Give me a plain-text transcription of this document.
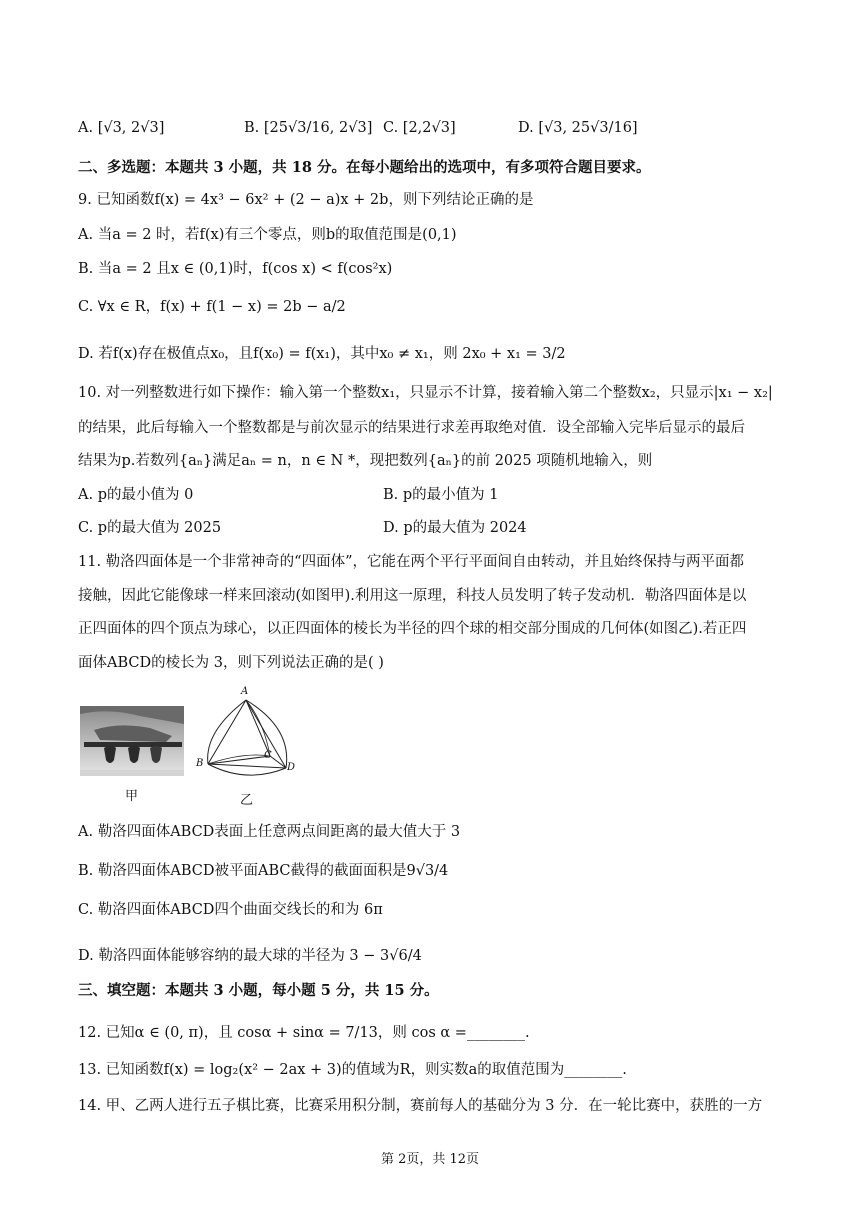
A. [√3, 2√3]	B. [25√3/16, 2√3] C. [2,2√3]	D. [√3, 25√3/16]
二、多选题：本题共 3 小题，共 18 分。在每小题给出的选项中，有多项符合题目要求。
9. 已知函数f(x) = 4x³ − 6x² + (2 − a)x + 2b，则下列结论正确的是
A. 当a = 2 时，若f(x)有三个零点，则b的取值范围是(0,1)
B. 当a = 2 且x ∈ (0,1)时，f(cos x) < f(cos²x)
C. ∀x ∈ R，f(x) + f(1 − x) = 2b − a/2
D. 若f(x)存在极值点x₀，且f(x₀) = f(x₁)，其中x₀ ≠ x₁，则 2x₀ + x₁ = 3/2
10. 对一列整数进行如下操作：输入第一个整数x₁，只显示不计算，接着输入第二个整数x₂，只显示|x₁ − x₂|
的结果，此后每输入一个整数都是与前次显示的结果进行求差再取绝对值．设全部输入完毕后显示的最后
结果为p.若数列{aₙ}满足aₙ = n，n ∈ N *，现把数列{aₙ}的前 2025 项随机地输入，则
A. p的最小值为 0	B. p的最小值为 1
C. p的最大值为 2025	D. p的最大值为 2024
11. 勒洛四面体是一个非常神奇的“四面体”，它能在两个平行平面间自由转动，并且始终保持与两平面都
接触，因此它能像球一样来回滚动(如图甲).利用这一原理，科技人员发明了转子发动机．勒洛四面体是以
正四面体的四个顶点为球心，以正四面体的棱长为半径的四个球的相交部分围成的几何体(如图乙).若正四
面体ABCD的棱长为 3，则下列说法正确的是( )
甲
A
B
C
D
乙
A. 勒洛四面体ABCD表面上任意两点间距离的最大值大于 3
B. 勒洛四面体ABCD被平面ABC截得的截面面积是9√3/4
C. 勒洛四面体ABCD四个曲面交线长的和为 6π
D. 勒洛四面体能够容纳的最大球的半径为 3 − 3√6/4
三、填空题：本题共 3 小题，每小题 5 分，共 15 分。
12. 已知α ∈ (0, π)，且 cosα + sinα = 7/13，则 cos α =________.
13. 已知函数f(x) = log₂(x² − 2ax + 3)的值域为R，则实数a的取值范围为________.
14. 甲、乙两人进行五子棋比赛，比赛采用积分制，赛前每人的基础分为 3 分．在一轮比赛中，获胜的一方
第 2页，共 12页
